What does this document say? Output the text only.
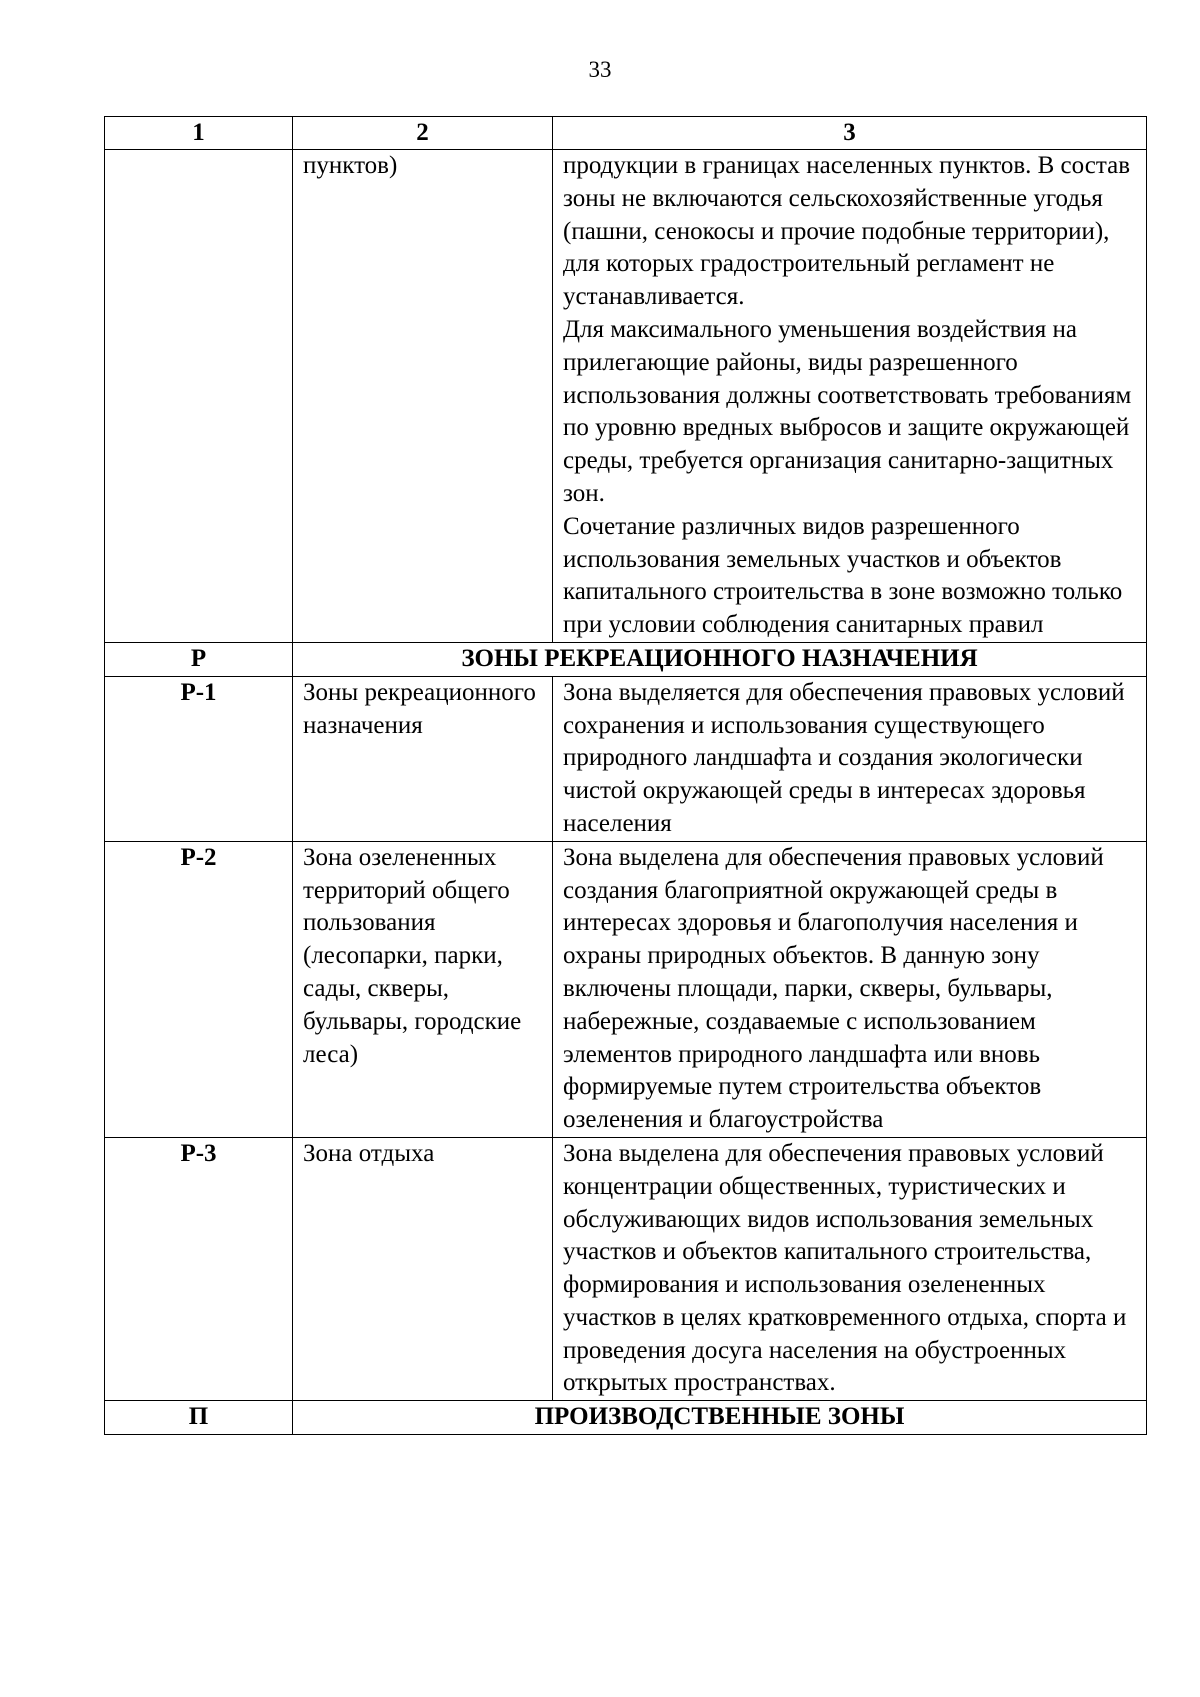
33
1	2	3
	пунктов)	продукции в границах населенных пунктов. В состав зоны не включаются сельскохозяйственные угодья (пашни, сенокосы и прочие подобные территории), для которых градостроительный регламент не устанавливается.
Для максимального уменьшения воздействия на прилегающие районы, виды разрешенного использования должны соответствовать требованиям по уровню вредных выбросов и защите окружающей среды, требуется организация санитарно-защитных зон.
Сочетание различных видов разрешенного использования земельных участков и объектов капитального строительства в зоне возможно только при условии соблюдения санитарных правил

Р	ЗОНЫ РЕКРЕАЦИОННОГО НАЗНАЧЕНИЯ	
Р-1	Зоны рекреационного назначения	Зона выделяется для обеспечения правовых условий сохранения и использования существующего природного ландшафта и создания экологически чистой окружающей среды в интересах здоровья населения
Р-2	Зона озелененных территорий общего пользования (лесопарки, парки, сады, скверы, бульвары, городские леса)	Зона выделена для обеспечения правовых условий создания благоприятной окружающей среды в интересах здоровья и благополучия населения и охраны природных объектов. В данную зону включены площади, парки, скверы, бульвары, набережные, создаваемые с использованием элементов природного ландшафта или вновь формируемые путем строительства объектов озеленения и благоустройства
Р-3	Зона отдыха	Зона выделена для обеспечения правовых условий концентрации общественных, туристических и обслуживающих видов использования земельных участков и объектов капитального строительства, формирования и использования озелененных участков в целях кратковременного отдыха, спорта и проведения досуга населения на обустроенных открытых пространствах.
П	ПРОИЗВОДСТВЕННЫЕ ЗОНЫ	
